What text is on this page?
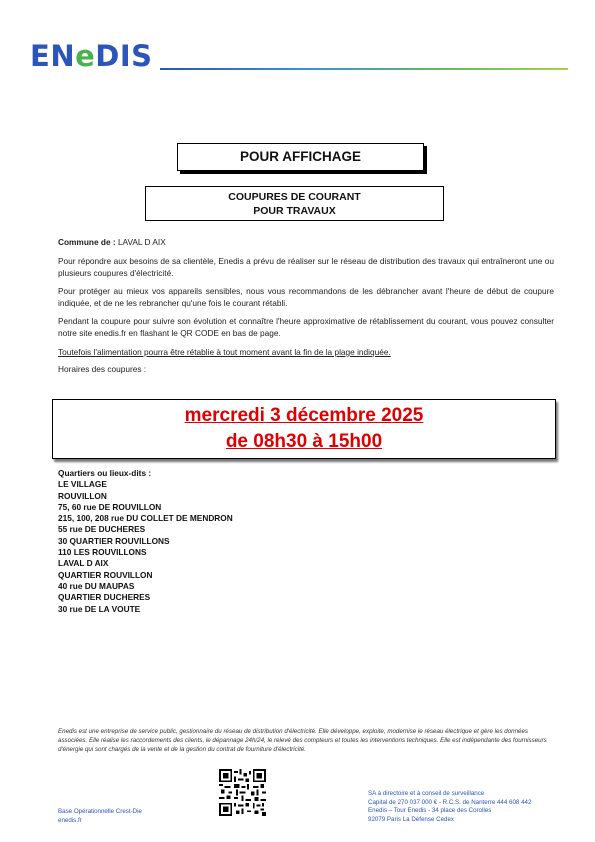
ENeDIS
POUR AFFICHAGE
COUPURES DE COURANT
POUR TRAVAUX
Commune de : LAVAL D AIX
Pour répondre aux besoins de sa clientèle, Enedis a prévu de réaliser sur le réseau de distribution des travaux qui entraîneront une ou plusieurs coupures d'électricité.
Pour protéger au mieux vos appareils sensibles, nous vous recommandons de les débrancher avant l'heure de début de coupure indiquée, et de ne les rebrancher qu'une fois le courant rétabli.
Pendant la coupure pour suivre son évolution et connaître l'heure approximative de rétablissement du courant, vous pouvez consulter notre site enedis.fr en flashant le QR CODE en bas de page.
Toutefois l'alimentation pourra être rétablie à tout moment avant la fin de la plage indiquée.
Horaires des coupures :
mercredi 3 décembre 2025
de 08h30 à 15h00
Quartiers ou lieux-dits :
LE VILLAGE
ROUVILLON
75, 60 rue DE ROUVILLON
215, 100, 208 rue DU COLLET DE MENDRON
55 rue DE DUCHERES
30 QUARTIER ROUVILLONS
110 LES ROUVILLONS
LAVAL D AIX
QUARTIER ROUVILLON
40 rue DU MAUPAS
QUARTIER DUCHERES
30 rue DE LA VOUTE
Enedis est une entreprise de service public, gestionnaire du réseau de distribution d'électricité. Elle développe, exploite, modernise le réseau électrique et gère les données associées. Elle réalise les raccordements des clients, le dépannage 24h/24, le relevé des compteurs et toutes les interventions techniques. Elle est indépendante des fournisseurs d'énergie qui sont chargés de la vente et de la gestion du contrat de fourniture d'électricité.
Base Opérationnelle Crest-Die
enedis.fr
SA à directoire et à conseil de surveillance
Capital de 270 037 000 € - R.C.S. de Nanterre 444 608 442
Enedis – Tour Enedis - 34 place des Corolles
92079 Paris La Défense Cedex
